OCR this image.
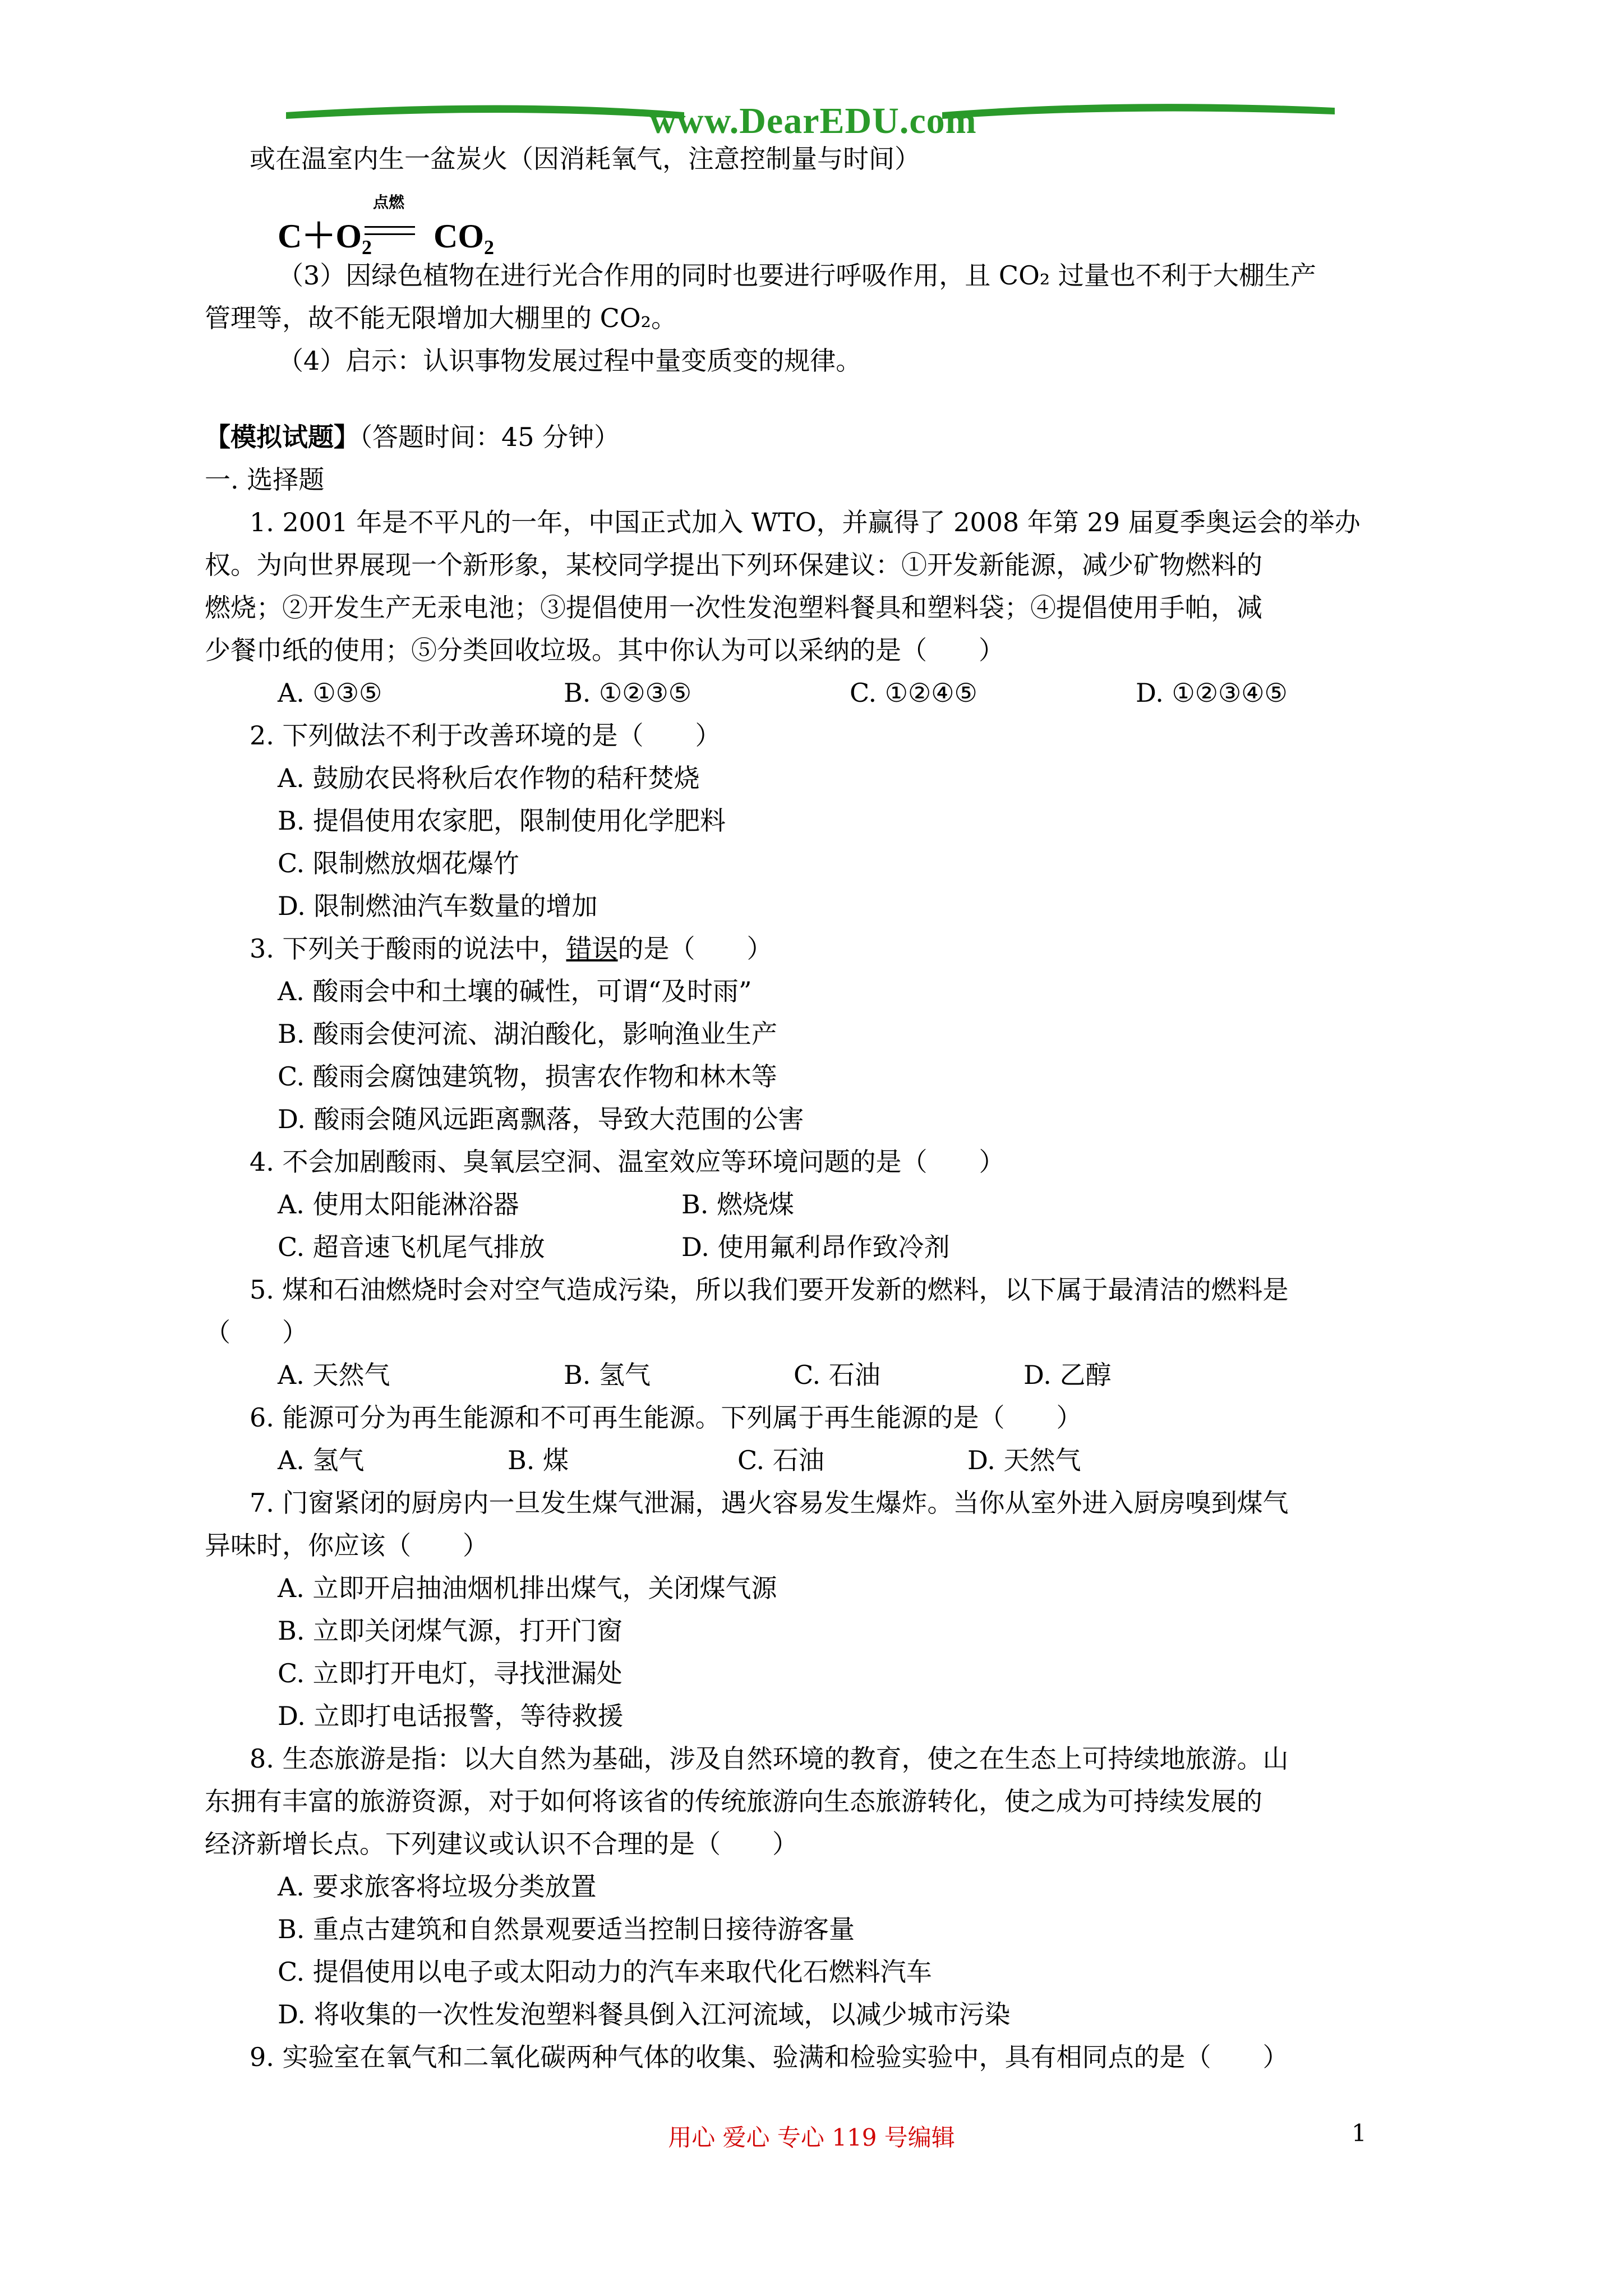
www.DearEDU.com
或在温室内生一盆炭火（因消耗氧气，注意控制量与时间）
C＋O₂ CO₂
点燃
（3）因绿色植物在进行光合作用的同时也要进行呼吸作用，且 CO₂ 过量也不利于大棚生产
管理等，故不能无限增加大棚里的 CO₂。
（4）启示：认识事物发展过程中量变质变的规律。
【模拟试题】（答题时间：45 分钟）
一. 选择题
1. 2001 年是不平凡的一年，中国正式加入 WTO，并赢得了 2008 年第 29 届夏季奥运会的举办
权。为向世界展现一个新形象，某校同学提出下列环保建议：①开发新能源，减少矿物燃料的
燃烧；②开发生产无汞电池；③提倡使用一次性发泡塑料餐具和塑料袋；④提倡使用手帕，减
少餐巾纸的使用；⑤分类回收垃圾。其中你认为可以采纳的是（　　）
A. ①③⑤	B. ①②③⑤	C. ①②④⑤	D. ①②③④⑤
2. 下列做法不利于改善环境的是（　　）
A. 鼓励农民将秋后农作物的秸秆焚烧
B. 提倡使用农家肥，限制使用化学肥料
C. 限制燃放烟花爆竹
D. 限制燃油汽车数量的增加
3. 下列关于酸雨的说法中，错误的是（　　）
A. 酸雨会中和土壤的碱性，可谓“及时雨”
B. 酸雨会使河流、湖泊酸化，影响渔业生产
C. 酸雨会腐蚀建筑物，损害农作物和林木等
D. 酸雨会随风远距离飘落，导致大范围的公害
4. 不会加剧酸雨、臭氧层空洞、温室效应等环境问题的是（　　）
A. 使用太阳能淋浴器	B. 燃烧煤
C. 超音速飞机尾气排放	D. 使用氟利昂作致冷剂
5. 煤和石油燃烧时会对空气造成污染，所以我们要开发新的燃料，以下属于最清洁的燃料是
（　　）
A. 天然气	B. 氢气	C. 石油	D. 乙醇
6. 能源可分为再生能源和不可再生能源。下列属于再生能源的是（　　）
A. 氢气	B. 煤	C. 石油	D. 天然气
7. 门窗紧闭的厨房内一旦发生煤气泄漏，遇火容易发生爆炸。当你从室外进入厨房嗅到煤气
异味时，你应该（　　）
A. 立即开启抽油烟机排出煤气，关闭煤气源
B. 立即关闭煤气源，打开门窗
C. 立即打开电灯，寻找泄漏处
D. 立即打电话报警，等待救援
8. 生态旅游是指：以大自然为基础，涉及自然环境的教育，使之在生态上可持续地旅游。山
东拥有丰富的旅游资源，对于如何将该省的传统旅游向生态旅游转化，使之成为可持续发展的
经济新增长点。下列建议或认识不合理的是（　　）
A. 要求旅客将垃圾分类放置
B. 重点古建筑和自然景观要适当控制日接待游客量
C. 提倡使用以电子或太阳动力的汽车来取代化石燃料汽车
D. 将收集的一次性发泡塑料餐具倒入江河流域，以减少城市污染
9. 实验室在氧气和二氧化碳两种气体的收集、验满和检验实验中，具有相同点的是（　　）
用心 爱心 专心 119 号编辑	1
